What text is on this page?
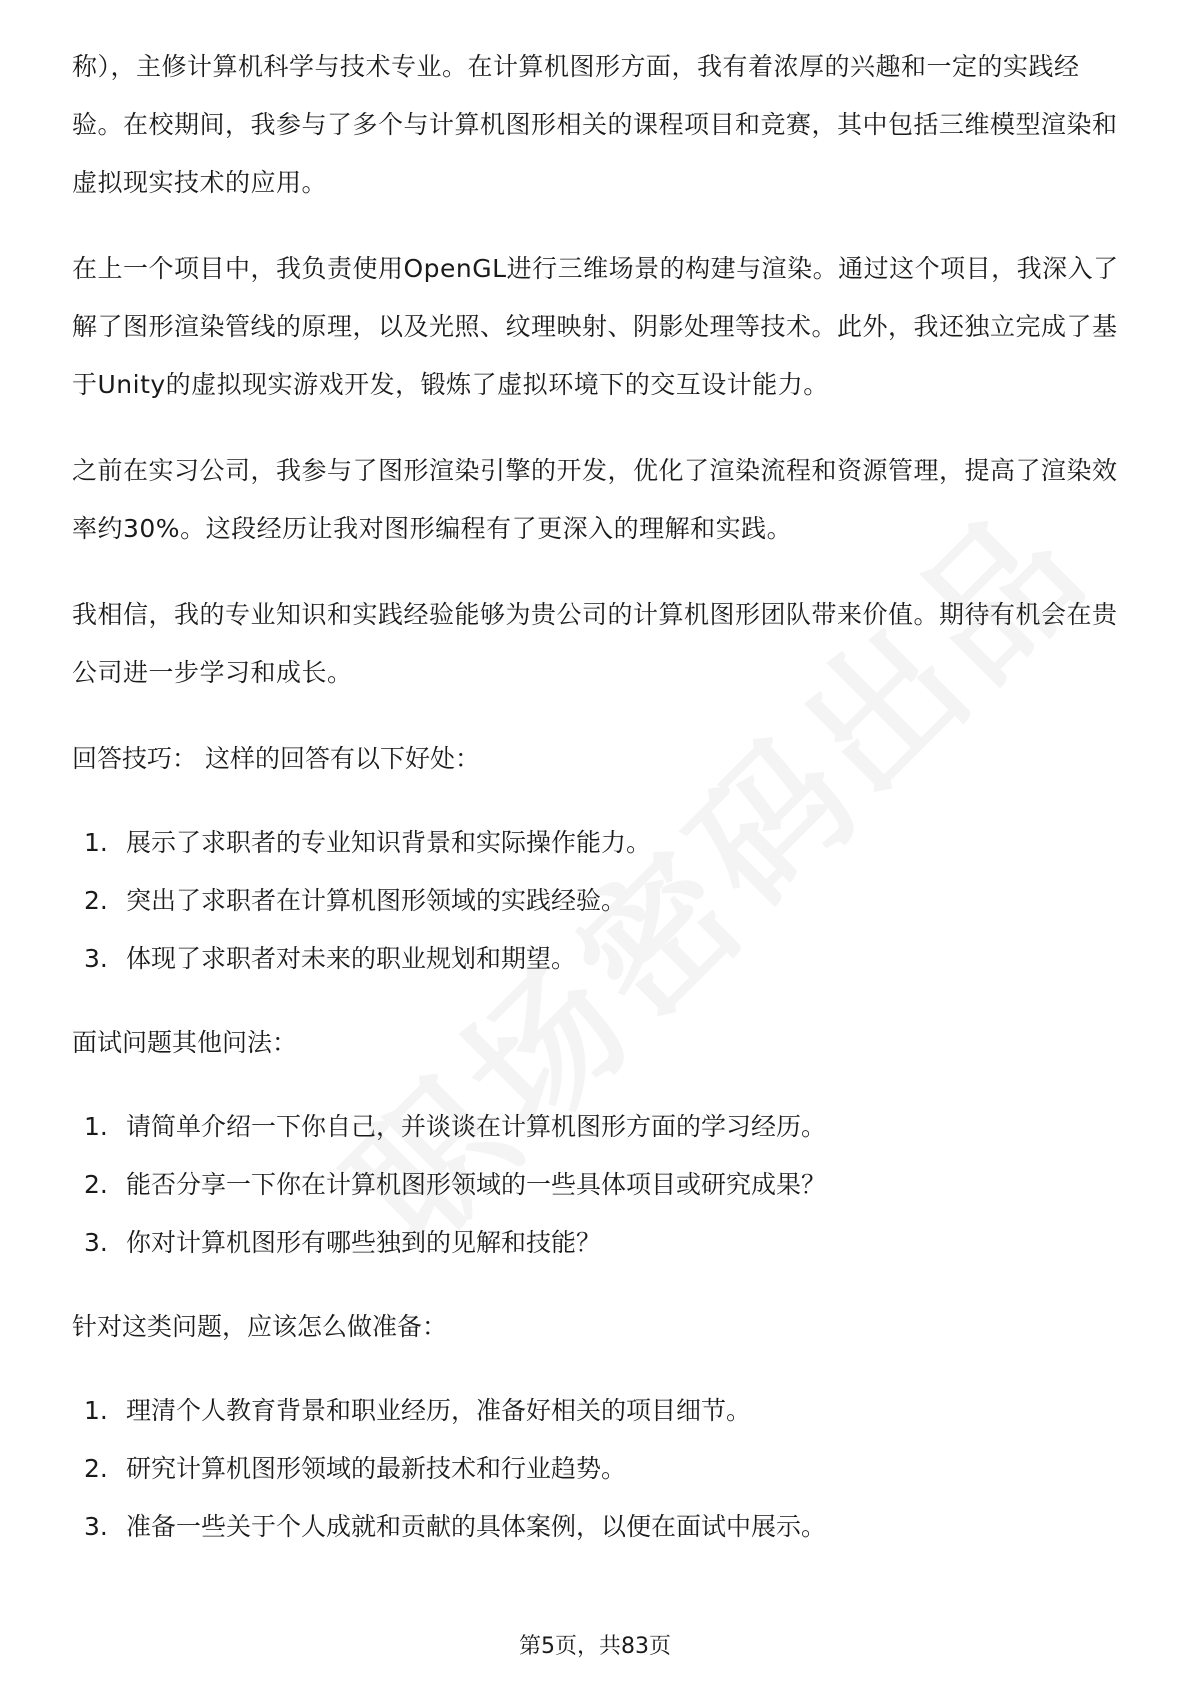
称），主修计算机科学与技术专业。在计算机图形方面，我有着浓厚的兴趣和一定的实践经验。在校期间，我参与了多个与计算机图形相关的课程项目和竞赛，其中包括三维模型渲染和虚拟现实技术的应用。

在上一个项目中，我负责使用OpenGL进行三维场景的构建与渲染。通过这个项目，我深入了解了图形渲染管线的原理，以及光照、纹理映射、阴影处理等技术。此外，我还独立完成了基于Unity的虚拟现实游戏开发，锻炼了虚拟环境下的交互设计能力。

之前在实习公司，我参与了图形渲染引擎的开发，优化了渲染流程和资源管理，提高了渲染效率约30%。这段经历让我对图形编程有了更深入的理解和实践。

我相信，我的专业知识和实践经验能够为贵公司的计算机图形团队带来价值。期待有机会在贵公司进一步学习和成长。

回答技巧： 这样的回答有以下好处：

1. 展示了求职者的专业知识背景和实际操作能力。
2. 突出了求职者在计算机图形领域的实践经验。
3. 体现了求职者对未来的职业规划和期望。

面试问题其他问法：

1. 请简单介绍一下你自己，并谈谈在计算机图形方面的学习经历。
2. 能否分享一下你在计算机图形领域的一些具体项目或研究成果？
3. 你对计算机图形有哪些独到的见解和技能？

针对这类问题，应该怎么做准备：

1. 理清个人教育背景和职业经历，准备好相关的项目细节。
2. 研究计算机图形领域的最新技术和行业趋势。
3. 准备一些关于个人成就和贡献的具体案例，以便在面试中展示。
第5页，共83页
